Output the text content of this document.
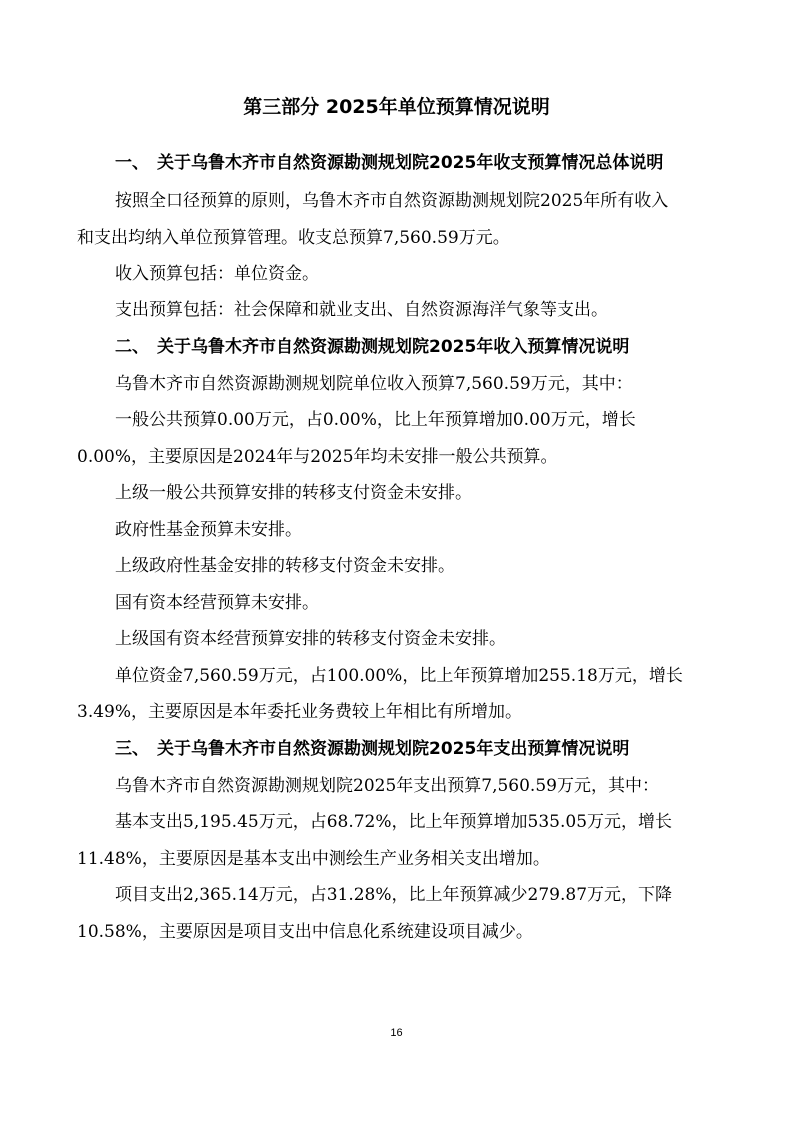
第三部分 2025年单位预算情况说明
一、 关于乌鲁木齐市自然资源勘测规划院2025年收支预算情况总体说明

按照全口径预算的原则，乌鲁木齐市自然资源勘测规划院2025年所有收入

和支出均纳入单位预算管理。收支总预算7,560.59万元。

收入预算包括：单位资金。

支出预算包括：社会保障和就业支出、自然资源海洋气象等支出。

二、 关于乌鲁木齐市自然资源勘测规划院2025年收入预算情况说明

乌鲁木齐市自然资源勘测规划院单位收入预算7,560.59万元，其中：

一般公共预算0.00万元，占0.00%，比上年预算增加0.00万元，增长

0.00%，主要原因是2024年与2025年均未安排一般公共预算。

上级一般公共预算安排的转移支付资金未安排。

政府性基金预算未安排。

上级政府性基金安排的转移支付资金未安排。

国有资本经营预算未安排。

上级国有资本经营预算安排的转移支付资金未安排。

单位资金7,560.59万元，占100.00%，比上年预算增加255.18万元，增长

3.49%，主要原因是本年委托业务费较上年相比有所增加。

三、 关于乌鲁木齐市自然资源勘测规划院2025年支出预算情况说明

乌鲁木齐市自然资源勘测规划院2025年支出预算7,560.59万元，其中：

基本支出5,195.45万元，占68.72%，比上年预算增加535.05万元，增长

11.48%，主要原因是基本支出中测绘生产业务相关支出增加。

项目支出2,365.14万元，占31.28%，比上年预算减少279.87万元，下降

10.58%，主要原因是项目支出中信息化系统建设项目减少。

16
